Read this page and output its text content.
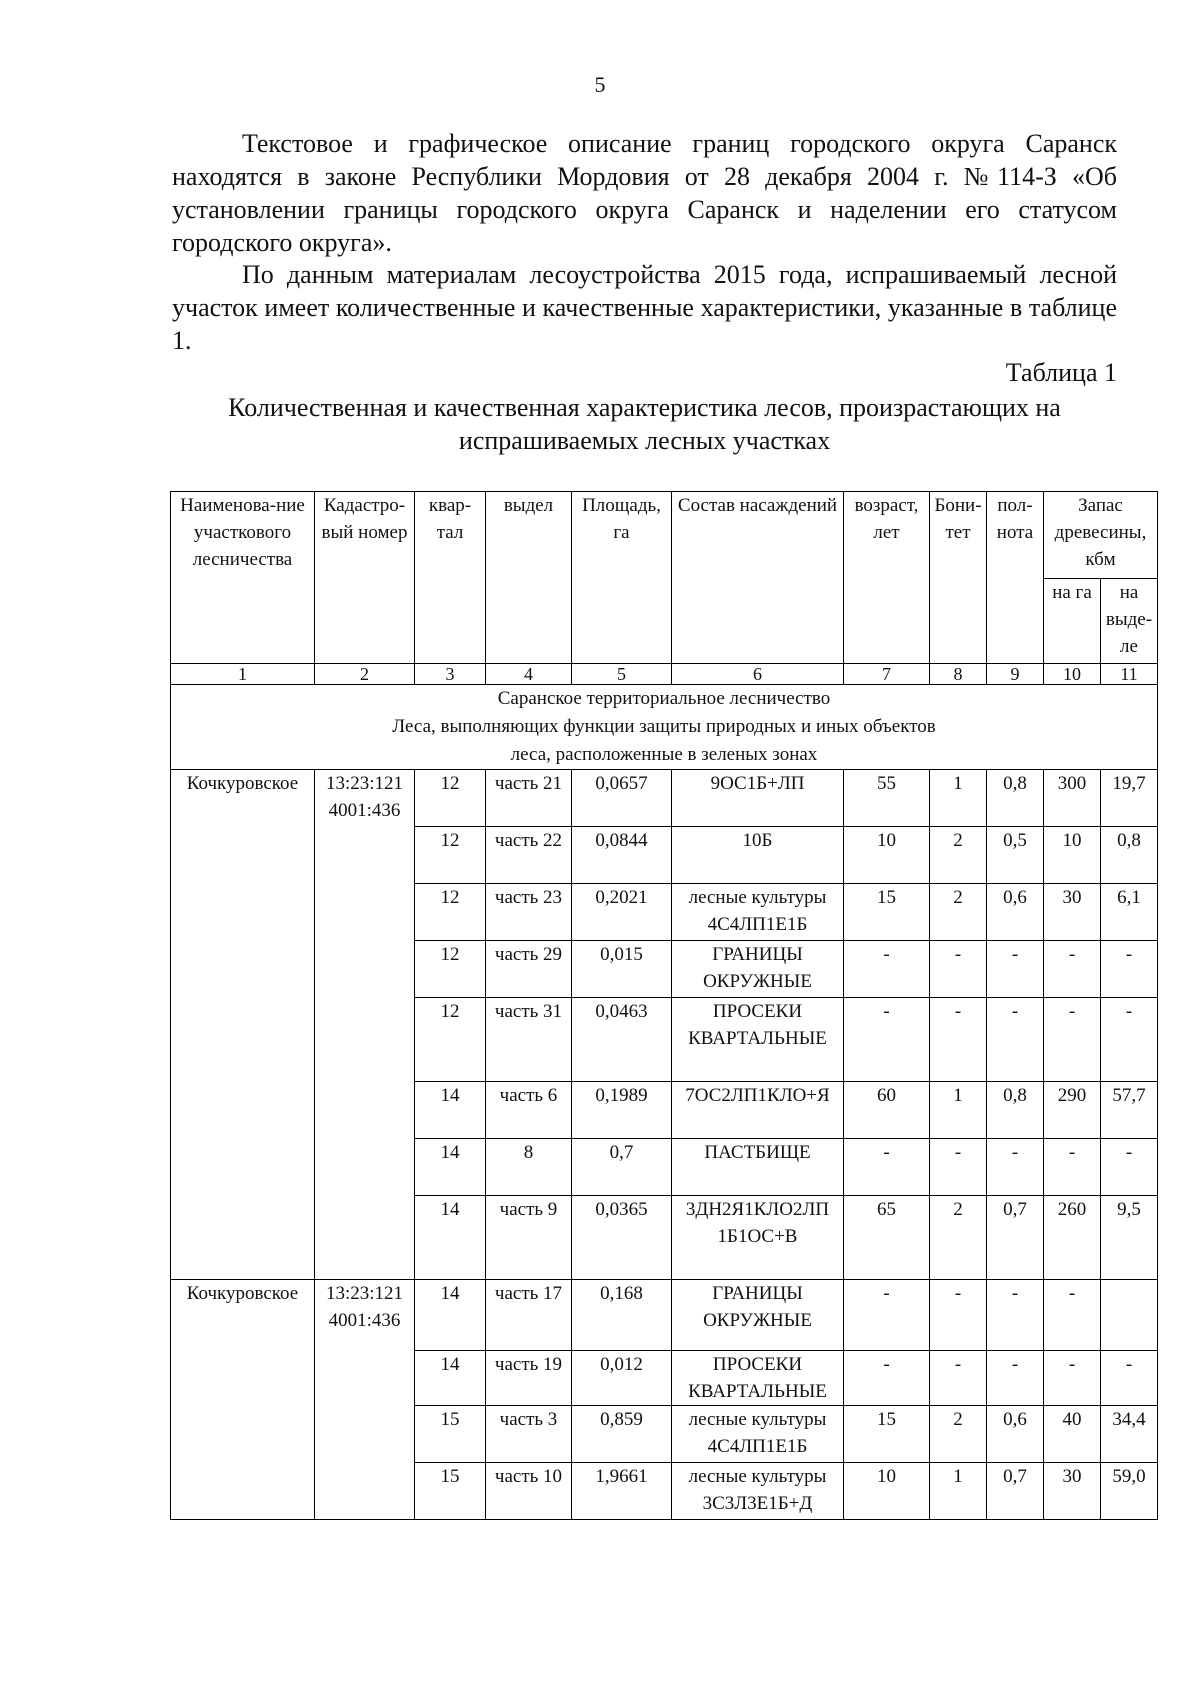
5

Текстовое и графическое описание границ городского округа Саранск находятся в законе Республики Мордовия от 28 декабря 2004 г. №114-З «Об установлении границы городского округа Саранск и наделении его статусом городского округа».

По данным материалам лесоустройства 2015 года, испрашиваемый лесной участок имеет количественные и качественные характеристики, указанные в таблице 1.

Таблица 1
Количественная и качественная характеристика лесов, произрастающих на
испрашиваемых лесных участках
Наименова-ние участкового лесничества	Кадастро-вый номер	квар-тал	выдел	Площадь, га	Состав насаждений	возраст, лет	Бони-тет	пол-нота	Запас древесины, кбм	
									на га	на выде-ле
1	2	3	4	5	6	7	8	9	10	11

Саранское территориальное лесничество
Леса, выполняющих функции защиты природных и иных объектов
леса, расположенные в зеленых зонах										

Кочкуровское	13:23:121 4001:436	12	часть 21	0,0657	9ОС1Б+ЛП	55	1	0,8	300	19,7
		12	часть 22	0,0844	10Б	10	2	0,5	10	0,8
		12	часть 23	0,2021	лесные культуры 4С4ЛП1Е1Б	15	2	0,6	30	6,1
		12	часть 29	0,015	ГРАНИЦЫ ОКРУЖНЫЕ	-	-	-	-	-
		12	часть 31	0,0463	ПРОСЕКИ КВАРТАЛЬНЫЕ	-	-	-	-	-
		14	часть 6	0,1989	7ОС2ЛП1КЛО+Я	60	1	0,8	290	57,7
		14	8	0,7	ПАСТБИЩЕ	-	-	-	-	-
		14	часть 9	0,0365	3ДН2Я1КЛО2ЛП 1Б1ОС+В	65	2	0,7	260	9,5
Кочкуровское	13:23:121 4001:436	14	часть 17	0,168	ГРАНИЦЫ ОКРУЖНЫЕ	-	-	-	-	
		14	часть 19	0,012	ПРОСЕКИ КВАРТАЛЬНЫЕ	-	-	-	-	-
		15	часть 3	0,859	лесные культуры 4С4ЛП1Е1Б	15	2	0,6	40	34,4
		15	часть 10	1,9661	лесные культуры 3С3Л3Е1Б+Д	10	1	0,7	30	59,0
